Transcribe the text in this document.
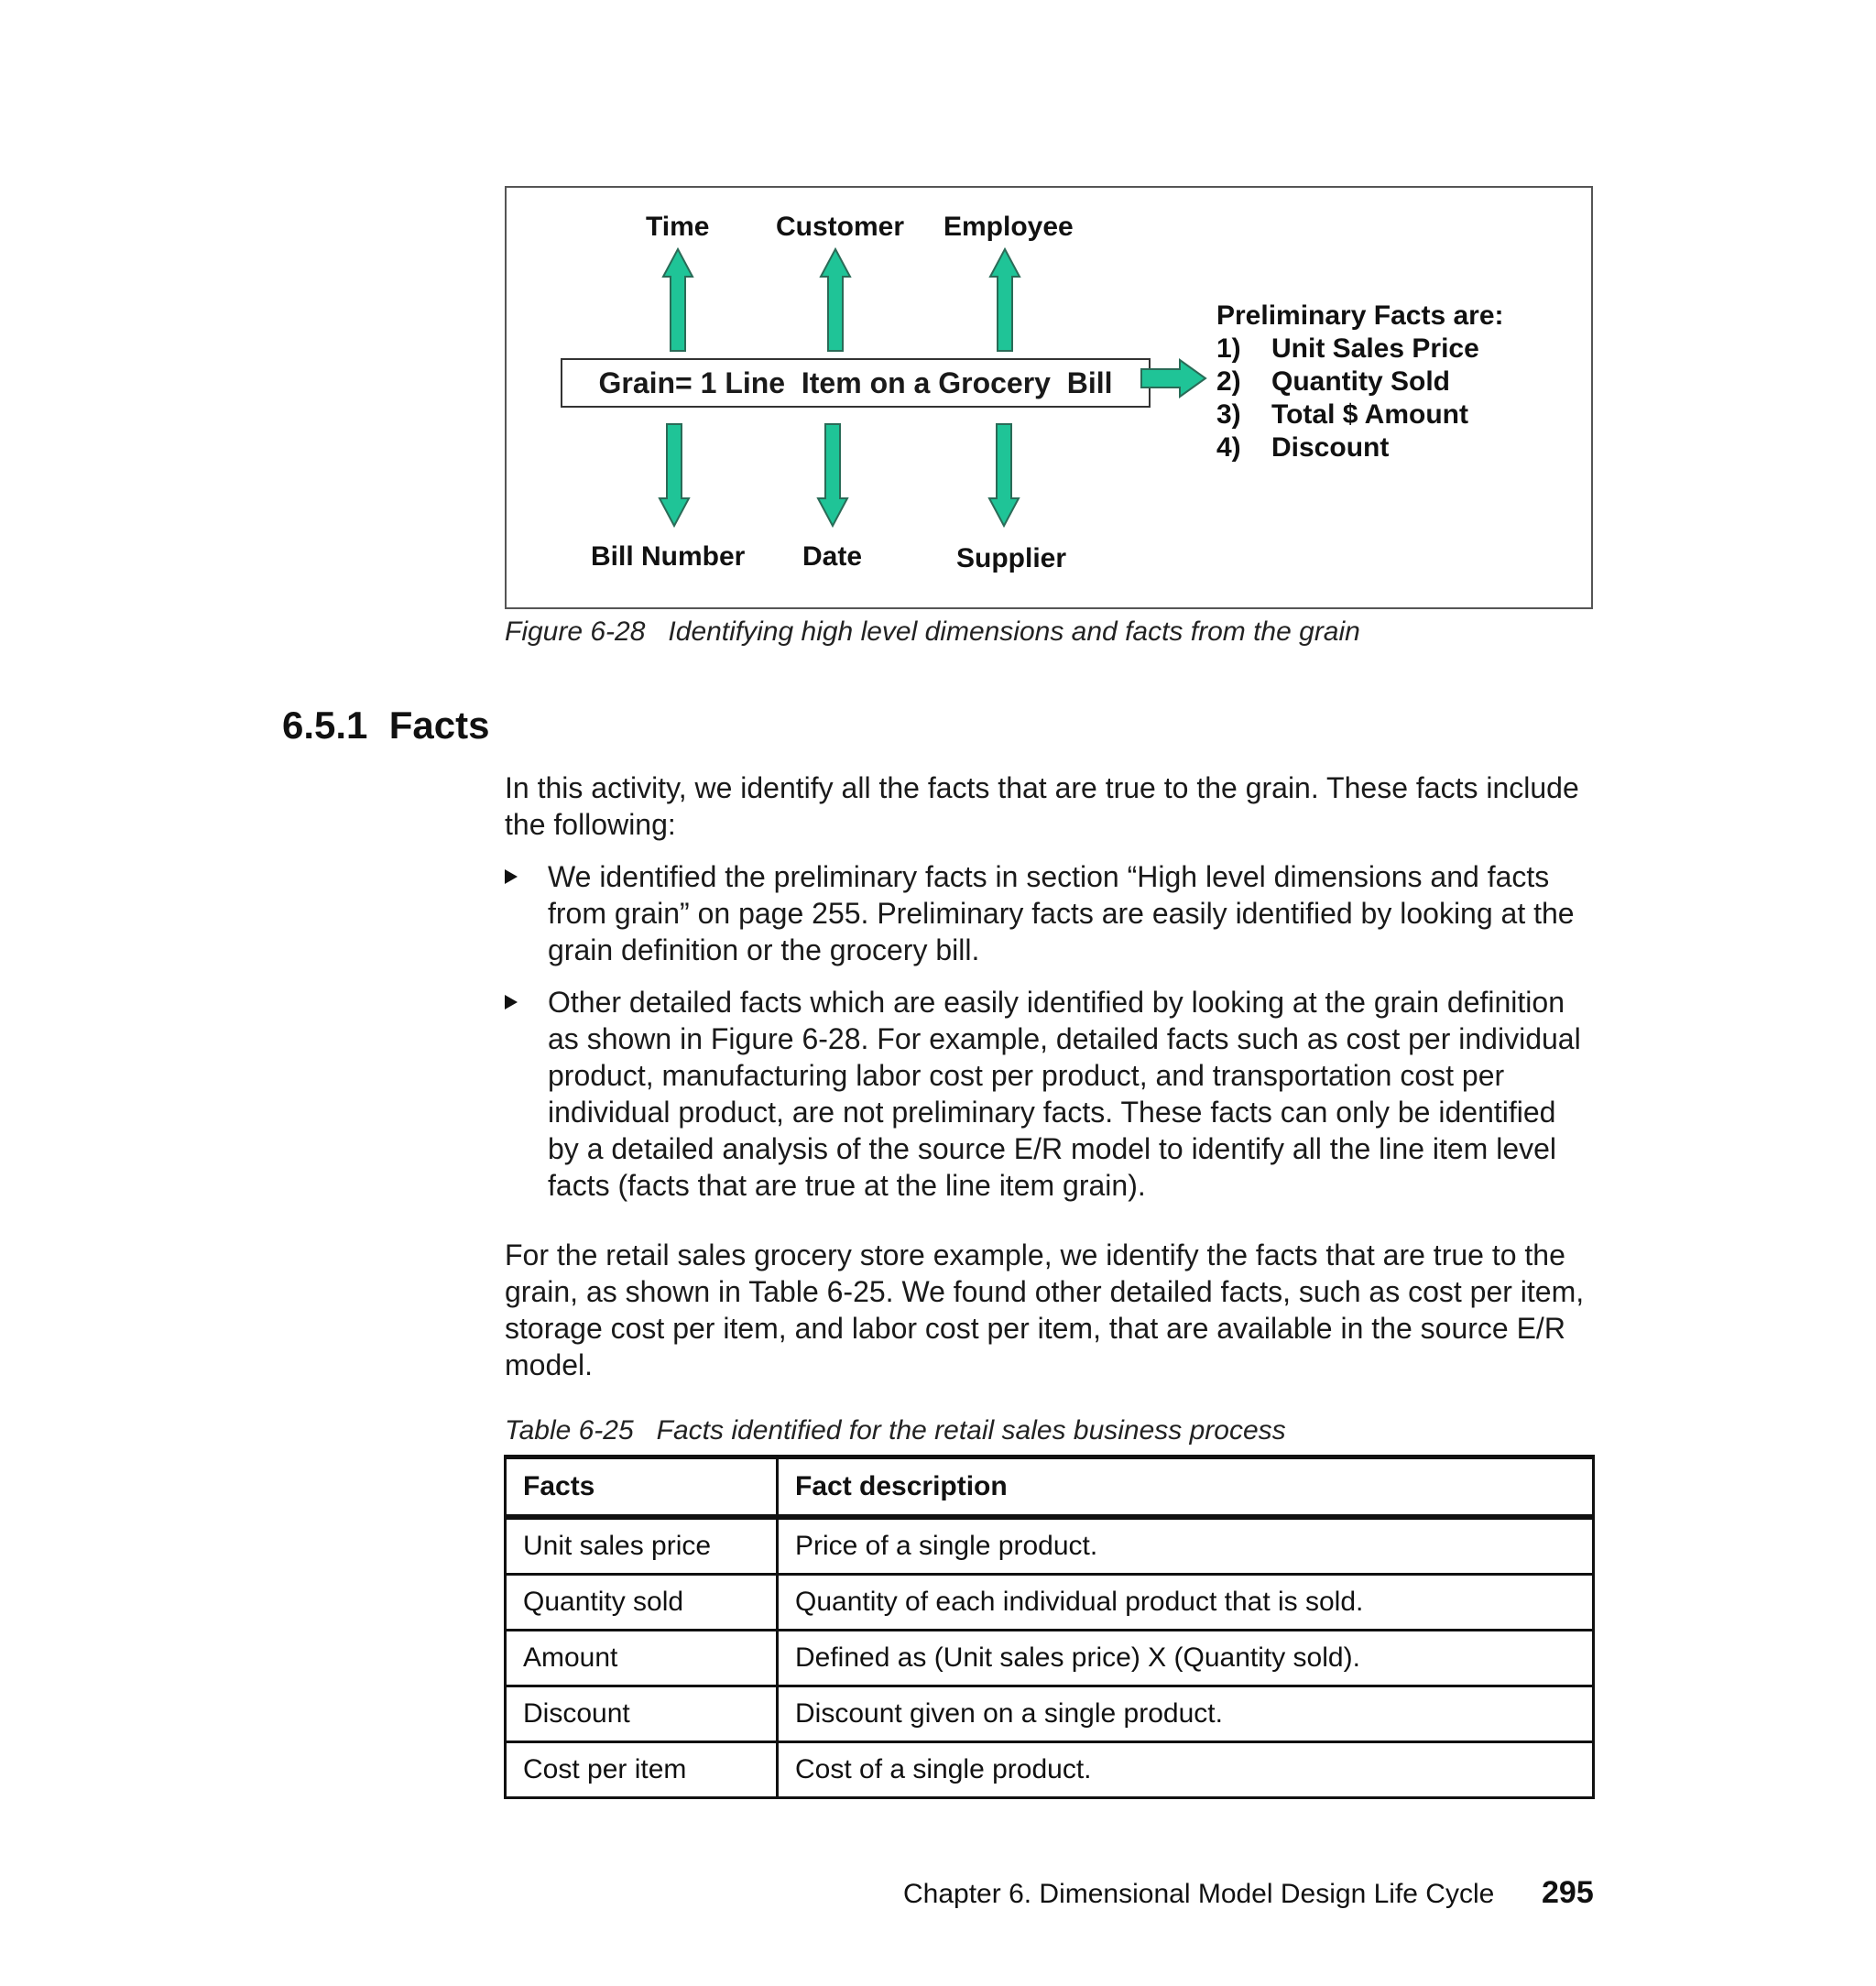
Time Customer Employee
Grain= 1 Line  Item on a Grocery  Bill
Preliminary Facts are:
1)	Unit Sales Price
2)	Quantity Sold
3)	Total $ Amount
4)	Discount
Bill Number Date	Supplier
Figure 6-28   Identifying high level dimensions and facts from the grain
6.5.1  Facts
In this activity, we identify all the facts that are true to the grain. These facts include the following:
We identified the preliminary facts in section “High level dimensions and facts from grain” on page 255. Preliminary facts are easily identified by looking at the grain definition or the grocery bill.
Other detailed facts which are easily identified by looking at the grain definition as shown in Figure 6-28. For example, detailed facts such as cost per individual product, manufacturing labor cost per product, and transportation cost per individual product, are not preliminary facts. These facts can only be identified by a detailed analysis of the source E/R model to identify all the line item level facts (facts that are true at the line item grain).
For the retail sales grocery store example, we identify the facts that are true to the grain, as shown in Table 6-25. We found other detailed facts, such as cost per item, storage cost per item, and labor cost per item, that are available in the source E/R model.
Table 6-25   Facts identified for the retail sales business process
Facts	Fact description
Unit sales price	Price of a single product.
Quantity sold	Quantity of each individual product that is sold.
Amount	Defined as (Unit sales price) X (Quantity sold).
Discount	Discount given on a single product.
Cost per item	Cost of a single product.
Chapter 6. Dimensional Model Design Life Cycle 295
